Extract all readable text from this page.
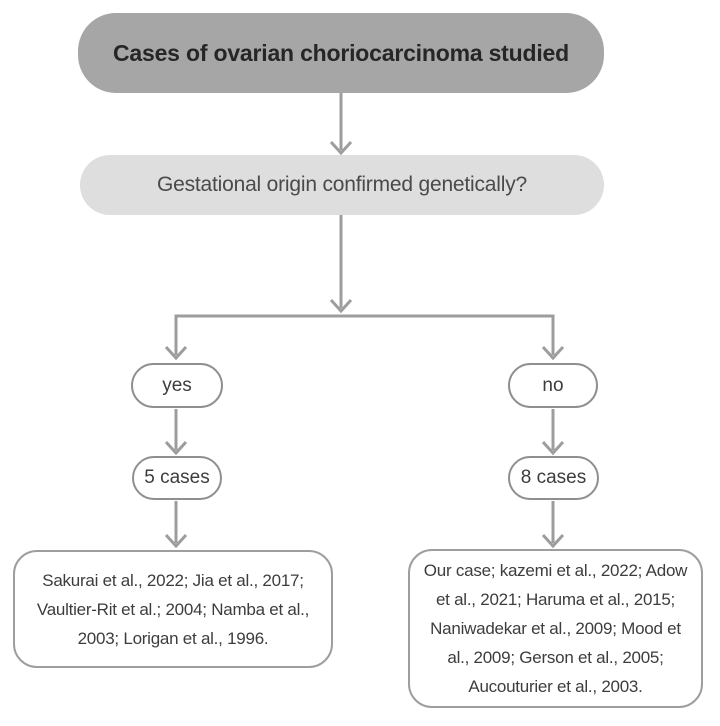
Cases of ovarian choriocarcinoma studied
Gestational origin confirmed genetically?
yes	no
5 cases	8 cases
Sakurai et al., 2022; Jia et al., 2017; Vaultier-Rit et al.; 2004; Namba et al., 2003; Lorigan et al., 1996.
Our case; kazemi et al., 2022; Adow et al., 2021; Haruma et al., 2015; Naniwadekar et al., 2009; Mood et al., 2009; Gerson et al., 2005; Aucouturier et al., 2003.
